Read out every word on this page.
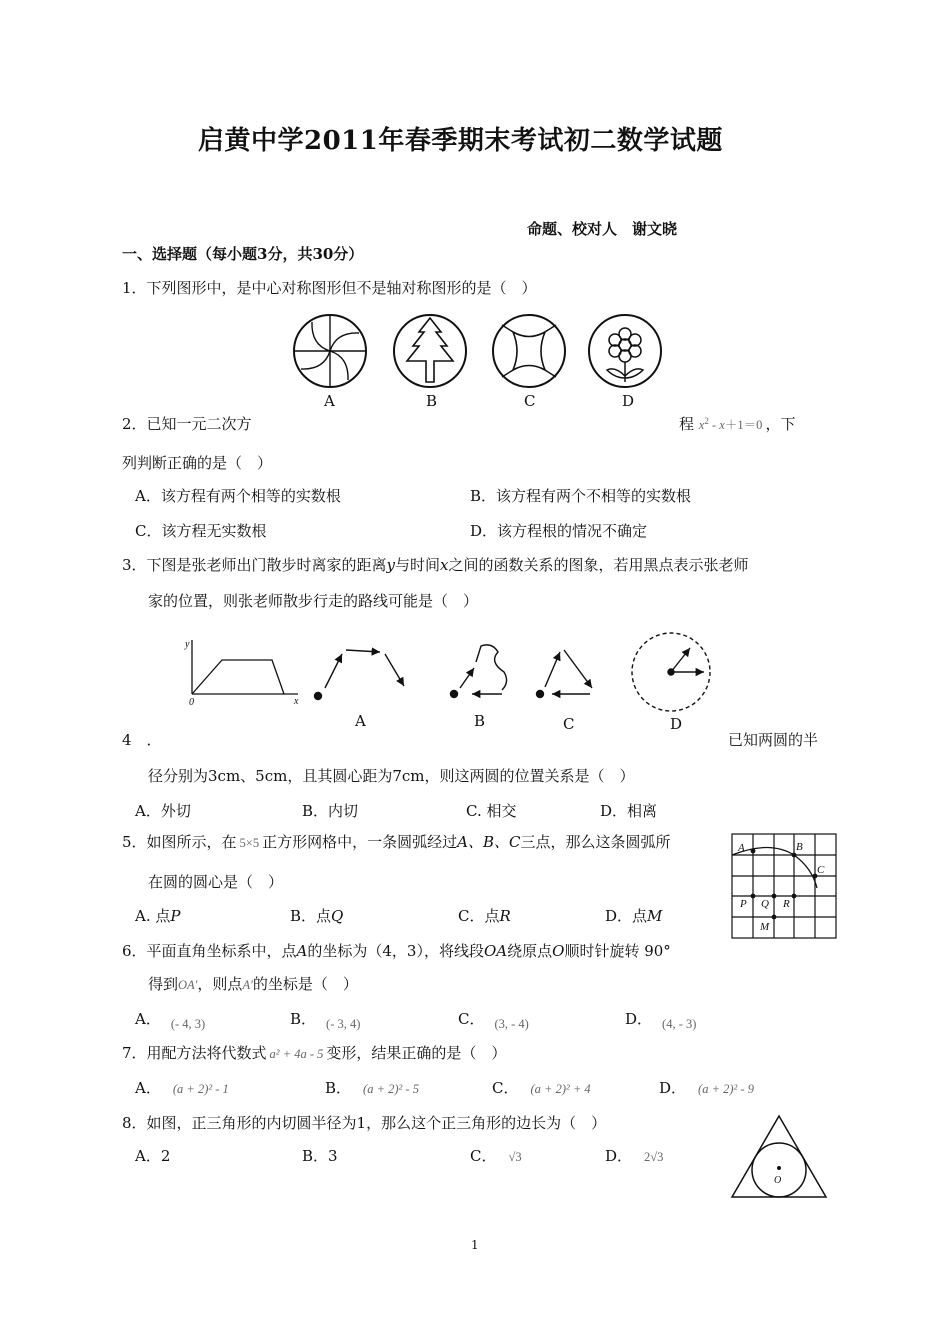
启黄中学2011年春季期末考试初二数学试题
命题、校对人　谢文晓
一、选择题（每小题3分，共30分）
1．下列图形中，是中心对称图形但不是轴对称图形的是（　）
A	B	C	D
2．已知一元二次方	程 $x^2 - x+1=0$ ，下
列判断正确的是（　）
A．该方程有两个相等的实数根	B．该方程有两个不相等的实数根
C．该方程无实数根	D．该方程根的情况不确定
3．下图是张老师出门散步时离家的距离y与时间x之间的函数关系的图象，若用黑点表示张老师
家的位置，则张老师散步行走的路线可能是（　）
y
0	x
A	B	C	D
4　．	已知两圆的半
径分别为3cm、5cm，且其圆心距为7cm，则这两圆的位置关系是（　）
A．外切	B．内切	C. 相交	D．相离
5．如图所示，在 5×5 正方形网格中，一条圆弧经过A、B、C三点，那么这条圆弧所
在圆的圆心是（　）
A. 点P	B．点Q	C．点R	D．点M
A	B
C
P Q R
M
6．平面直角坐标系中，点A的坐标为（4，3），将线段OA绕原点O顺时针旋转 90°
得到OA′，则点A′的坐标是（　）
A． $_{(- 4, 3)}$	B． $_{(- 3, 4)}$	C． $_{(3, - 4)}$	D． $_{(4, - 3)}$
7．用配方法将代数式 a² + 4a - 5 变形，结果正确的是（　）
A． (a + 2)² - 1	B． (a + 2)² - 5	C． (a + 2)² + 4	D． (a + 2)² - 9
8．如图，正三角形的内切圆半径为1，那么这个正三角形的边长为（　）
A．2	B．3	C． √3	D． 2√3
O
1
